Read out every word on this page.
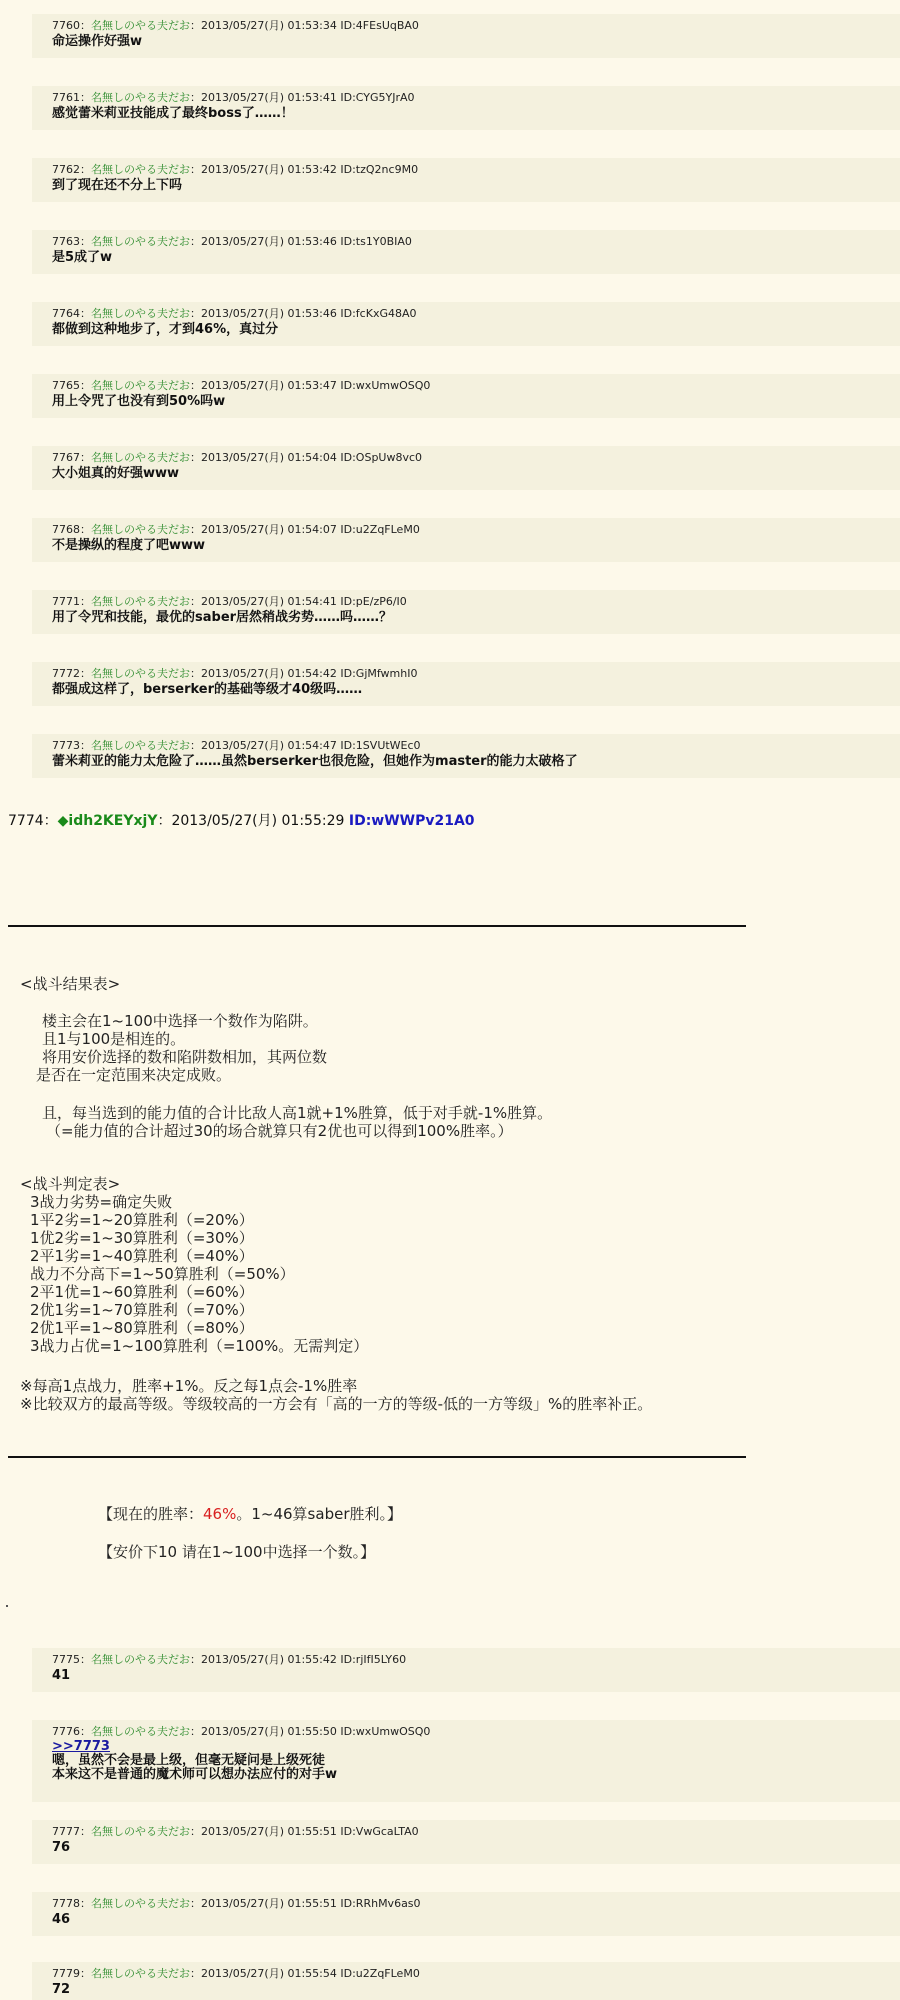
7760：名無しのやる夫だお：2013/05/27(月) 01:53:34 ID:4FEsUqBA0
命运操作好强w
7761：名無しのやる夫だお：2013/05/27(月) 01:53:41 ID:CYG5YJrA0
感觉蕾米莉亚技能成了最终boss了……！
7762：名無しのやる夫だお：2013/05/27(月) 01:53:42 ID:tzQ2nc9M0
到了现在还不分上下吗
7763：名無しのやる夫だお：2013/05/27(月) 01:53:46 ID:ts1Y0BIA0
是5成了w
7764：名無しのやる夫だお：2013/05/27(月) 01:53:46 ID:fcKxG48A0
都做到这种地步了，才到46%，真过分
7765：名無しのやる夫だお：2013/05/27(月) 01:53:47 ID:wxUmwOSQ0
用上令咒了也没有到50%吗w
7767：名無しのやる夫だお：2013/05/27(月) 01:54:04 ID:OSpUw8vc0
大小姐真的好强www
7768：名無しのやる夫だお：2013/05/27(月) 01:54:07 ID:u2ZqFLeM0
不是操纵的程度了吧www
7771：名無しのやる夫だお：2013/05/27(月) 01:54:41 ID:pE/zP6/I0
用了令咒和技能，最优的saber居然稍战劣势……吗……？
7772：名無しのやる夫だお：2013/05/27(月) 01:54:42 ID:GjMfwmhI0
都强成这样了，berserker的基础等级才40级吗……
7773：名無しのやる夫だお：2013/05/27(月) 01:54:47 ID:1SVUtWEc0
蕾米莉亚的能力太危险了……虽然berserker也很危险，但她作为master的能力太破格了
7774：◆idh2KEYxjY：2013/05/27(月) 01:55:29 ID:wWWPv21A0
<战斗结果表>
楼主会在1~100中选择一个数作为陷阱。
且1与100是相连的。
将用安价选择的数和陷阱数相加，其两位数
是否在一定范围来决定成败。
且，每当选到的能力值的合计比敌人高1就+1%胜算，低于对手就-1%胜算。
（=能力值的合计超过30的场合就算只有2优也可以得到100%胜率。）
<战斗判定表>
3战力劣势=确定失败
1平2劣=1~20算胜利（=20%）
1优2劣=1~30算胜利（=30%）
2平1劣=1~40算胜利（=40%）
战力不分高下=1~50算胜利（=50%）
2平1优=1~60算胜利（=60%）
2优1劣=1~70算胜利（=70%）
2优1平=1~80算胜利（=80%）
3战力占优=1~100算胜利（=100%。无需判定）
※每高1点战力，胜率+1%。反之每1点会-1%胜率
※比较双方的最高等级。等级较高的一方会有「高的一方的等级-低的一方等级」%的胜率补正。
【现在的胜率：46%。1~46算saber胜利。】
【安价下10 请在1~100中选择一个数。】
7775：名無しのやる夫だお：2013/05/27(月) 01:55:42 ID:rjIfI5LY60
41
7776：名無しのやる夫だお：2013/05/27(月) 01:55:50 ID:wxUmwOSQ0
>>7773
嗯，虽然不会是最上级，但毫无疑问是上级死徒
本来这不是普通的魔术师可以想办法应付的对手w
7777：名無しのやる夫だお：2013/05/27(月) 01:55:51 ID:VwGcaLTA0
76
7778：名無しのやる夫だお：2013/05/27(月) 01:55:51 ID:RRhMv6as0
46
7779：名無しのやる夫だお：2013/05/27(月) 01:55:54 ID:u2ZqFLeM0
72
